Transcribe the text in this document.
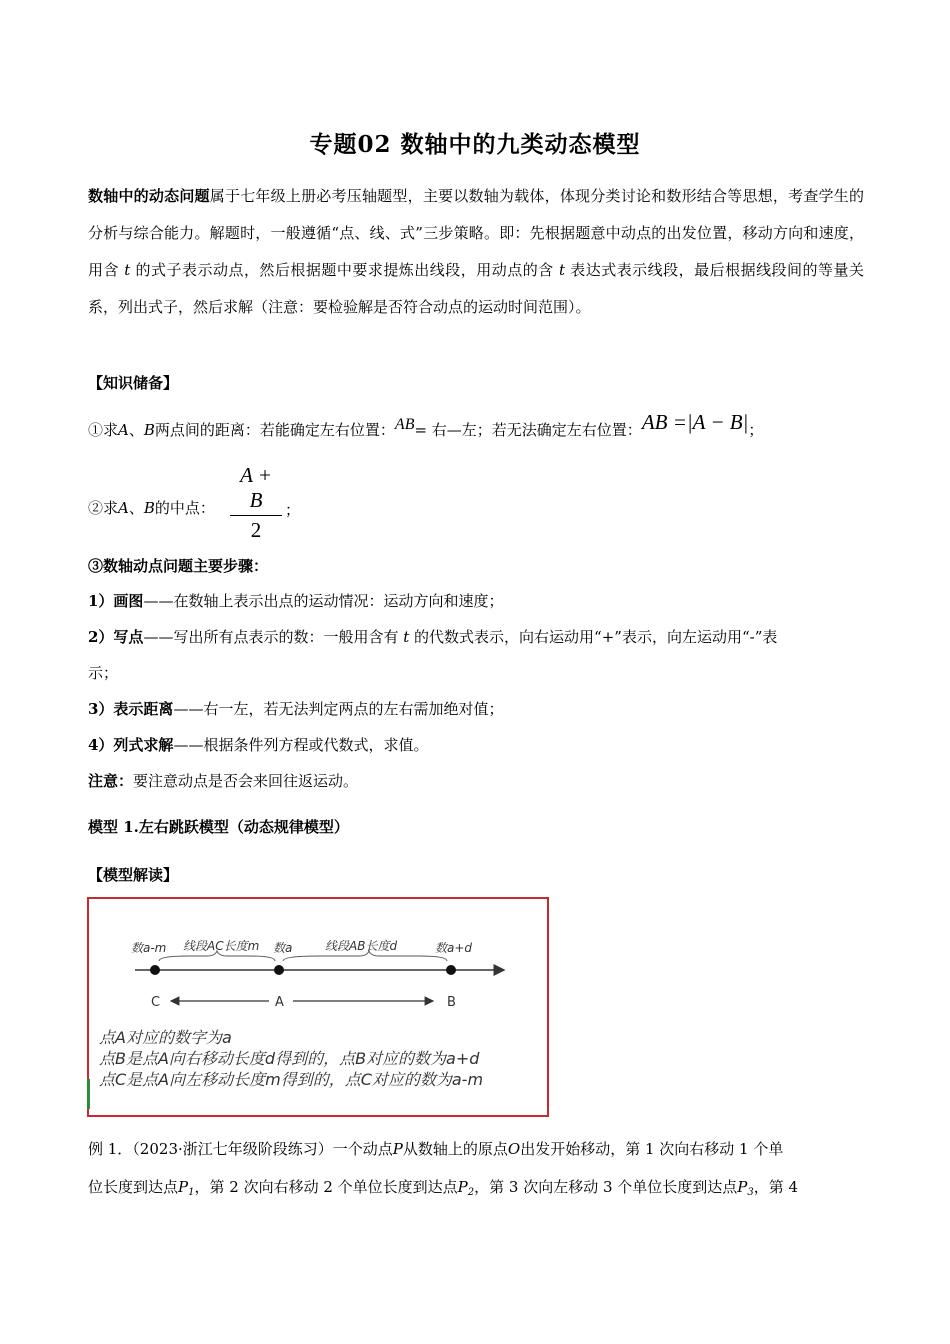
专题02 数轴中的九类动态模型
数轴中的动态问题属于七年级上册必考压轴题型，主要以数轴为载体，体现分类讨论和数形结合等思想，考查学生的分析与综合能力。解题时，一般遵循“点、线、式”三步策略。即：先根据题意中动点的出发位置，移动方向和速度，用含 t 的式子表示动点，然后根据题中要求提炼出线段，用动点的含 t 表达式表示线段，最后根据线段间的等量关系，列出式子，然后求解（注意：要检验解是否符合动点的运动时间范围）。
【知识储备】
①求A、B两点间的距离：若能确定左右位置：AB= 右—左；若无法确定左右位置：AB =|A − B|；
②求A、B的中点： $\frac{A + B}{2}$ ；
③数轴动点问题主要步骤：
1）画图——在数轴上表示出点的运动情况：运动方向和速度；
2）写点——写出所有点表示的数：一般用含有 t 的代数式表示，向右运动用“+”表示，向左运动用“-”表
示；
3）表示距离——右一左，若无法判定两点的左右需加绝对值；
4）列式求解——根据条件列方程或代数式，求值。
注意：要注意动点是否会来回往返运动。
模型 1.左右跳跃模型（动态规律模型）
【模型解读】
数a-m 线段AC长度m 数a	线段AB长度d	数a+d
C	A	B
点A对应的数字为a
点B是点A向右移动长度d得到的，点B对应的数为a+d
点C是点A向左移动长度m得到的，点C对应的数为a-m
例 1．（2023·浙江七年级阶段练习）一个动点P从数轴上的原点O出发开始移动，第 1 次向右移动 1 个单
位长度到达点$P_1$，第 2 次向右移动 2 个单位长度到达点$P_2$，第 3 次向左移动 3 个单位长度到达点$P_3$，第 4
